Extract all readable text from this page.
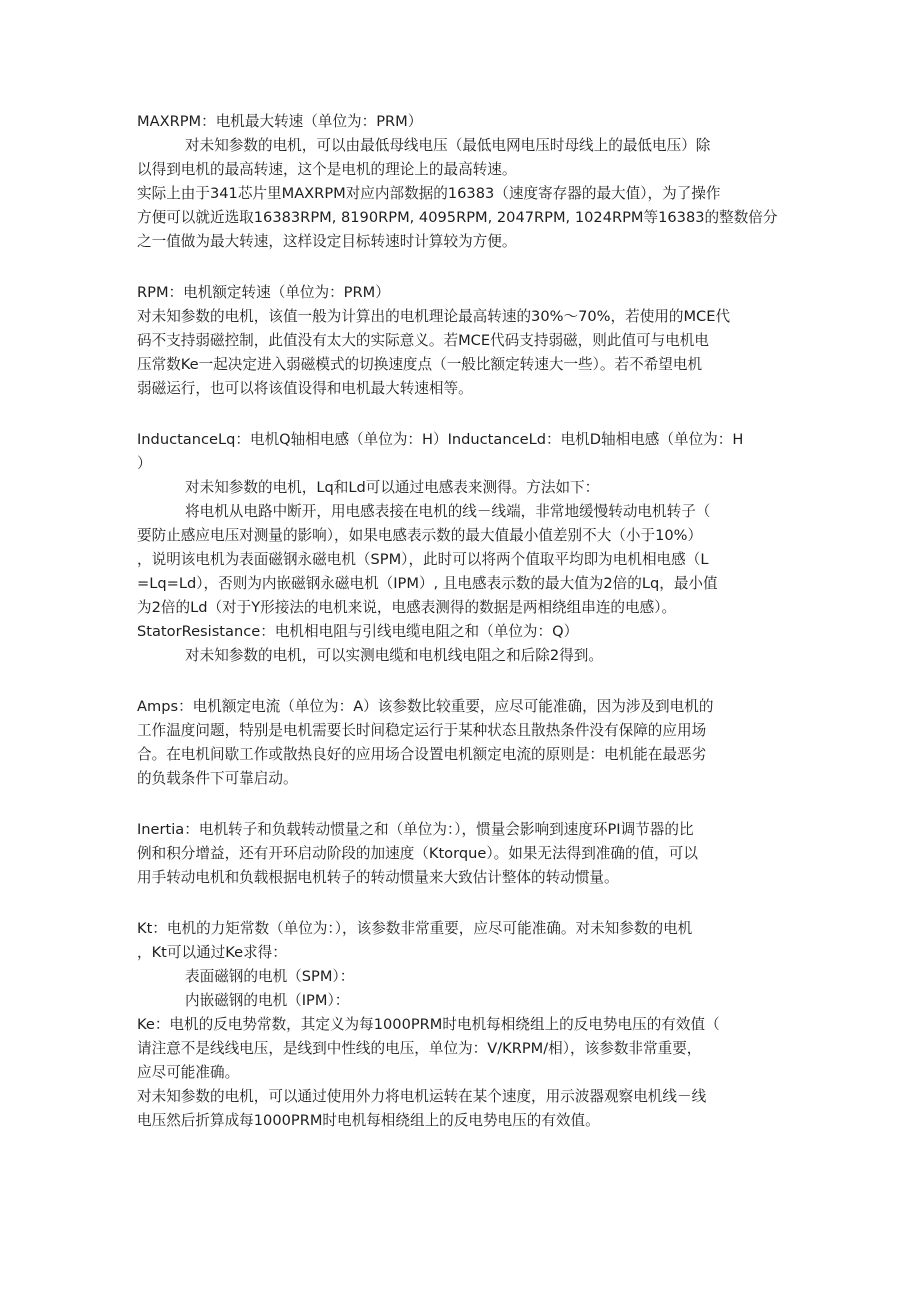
MAXRPM：电机最大转速（单位为：PRM）
对未知参数的电机，可以由最低母线电压（最低电网电压时母线上的最低电压）除
以得到电机的最高转速，这个是电机的理论上的最高转速。
实际上由于341芯片里MAXRPM对应内部数据的16383（速度寄存器的最大值），为了操作
方便可以就近选取16383RPM, 8190RPM, 4095RPM, 2047RPM, 1024RPM等16383的整数倍分
之一值做为最大转速，这样设定目标转速时计算较为方便。
RPM：电机额定转速（单位为：PRM）
对未知参数的电机，该值一般为计算出的电机理论最高转速的30%～70%，若使用的MCE代
码不支持弱磁控制，此值没有太大的实际意义。若MCE代码支持弱磁，则此值可与电机电
压常数Ke一起决定进入弱磁模式的切换速度点（一般比额定转速大一些）。若不希望电机
弱磁运行，也可以将该值设得和电机最大转速相等。
InductanceLq：电机Q轴相电感（单位为：H）InductanceLd：电机D轴相电感（单位为：H
）
对未知参数的电机，Lq和Ld可以通过电感表来测得。方法如下：
将电机从电路中断开，用电感表接在电机的线－线端，非常地缓慢转动电机转子（
要防止感应电压对测量的影响），如果电感表示数的最大值最小值差别不大（小于10%）
，说明该电机为表面磁钢永磁电机（SPM），此时可以将两个值取平均即为电机相电感（L
=Lq=Ld），否则为内嵌磁钢永磁电机（IPM）, 且电感表示数的最大值为2倍的Lq，最小值
为2倍的Ld（对于Y形接法的电机来说，电感表测得的数据是两相绕组串连的电感）。
StatorResistance：电机相电阻与引线电缆电阻之和（单位为：Q）
对未知参数的电机，可以实测电缆和电机线电阻之和后除2得到。
Amps：电机额定电流（单位为：A）该参数比较重要，应尽可能准确，因为涉及到电机的
工作温度问题，特别是电机需要长时间稳定运行于某种状态且散热条件没有保障的应用场
合。在电机间歇工作或散热良好的应用场合设置电机额定电流的原则是：电机能在最恶劣
的负载条件下可靠启动。
Inertia：电机转子和负载转动惯量之和（单位为：），惯量会影响到速度环PI调节器的比
例和积分增益，还有开环启动阶段的加速度（Ktorque）。如果无法得到准确的值，可以
用手转动电机和负载根据电机转子的转动惯量来大致估计整体的转动惯量。
Kt：电机的力矩常数（单位为：），该参数非常重要，应尽可能准确。对未知参数的电机
，Kt可以通过Ke求得：
表面磁钢的电机（SPM）：
内嵌磁钢的电机（IPM）：
Ke：电机的反电势常数，其定义为每1000PRM时电机每相绕组上的反电势电压的有效值（
请注意不是线线电压，是线到中性线的电压，单位为：V/KRPM/相），该参数非常重要，
应尽可能准确。
对未知参数的电机，可以通过使用外力将电机运转在某个速度，用示波器观察电机线－线
电压然后折算成每1000PRM时电机每相绕组上的反电势电压的有效值。
